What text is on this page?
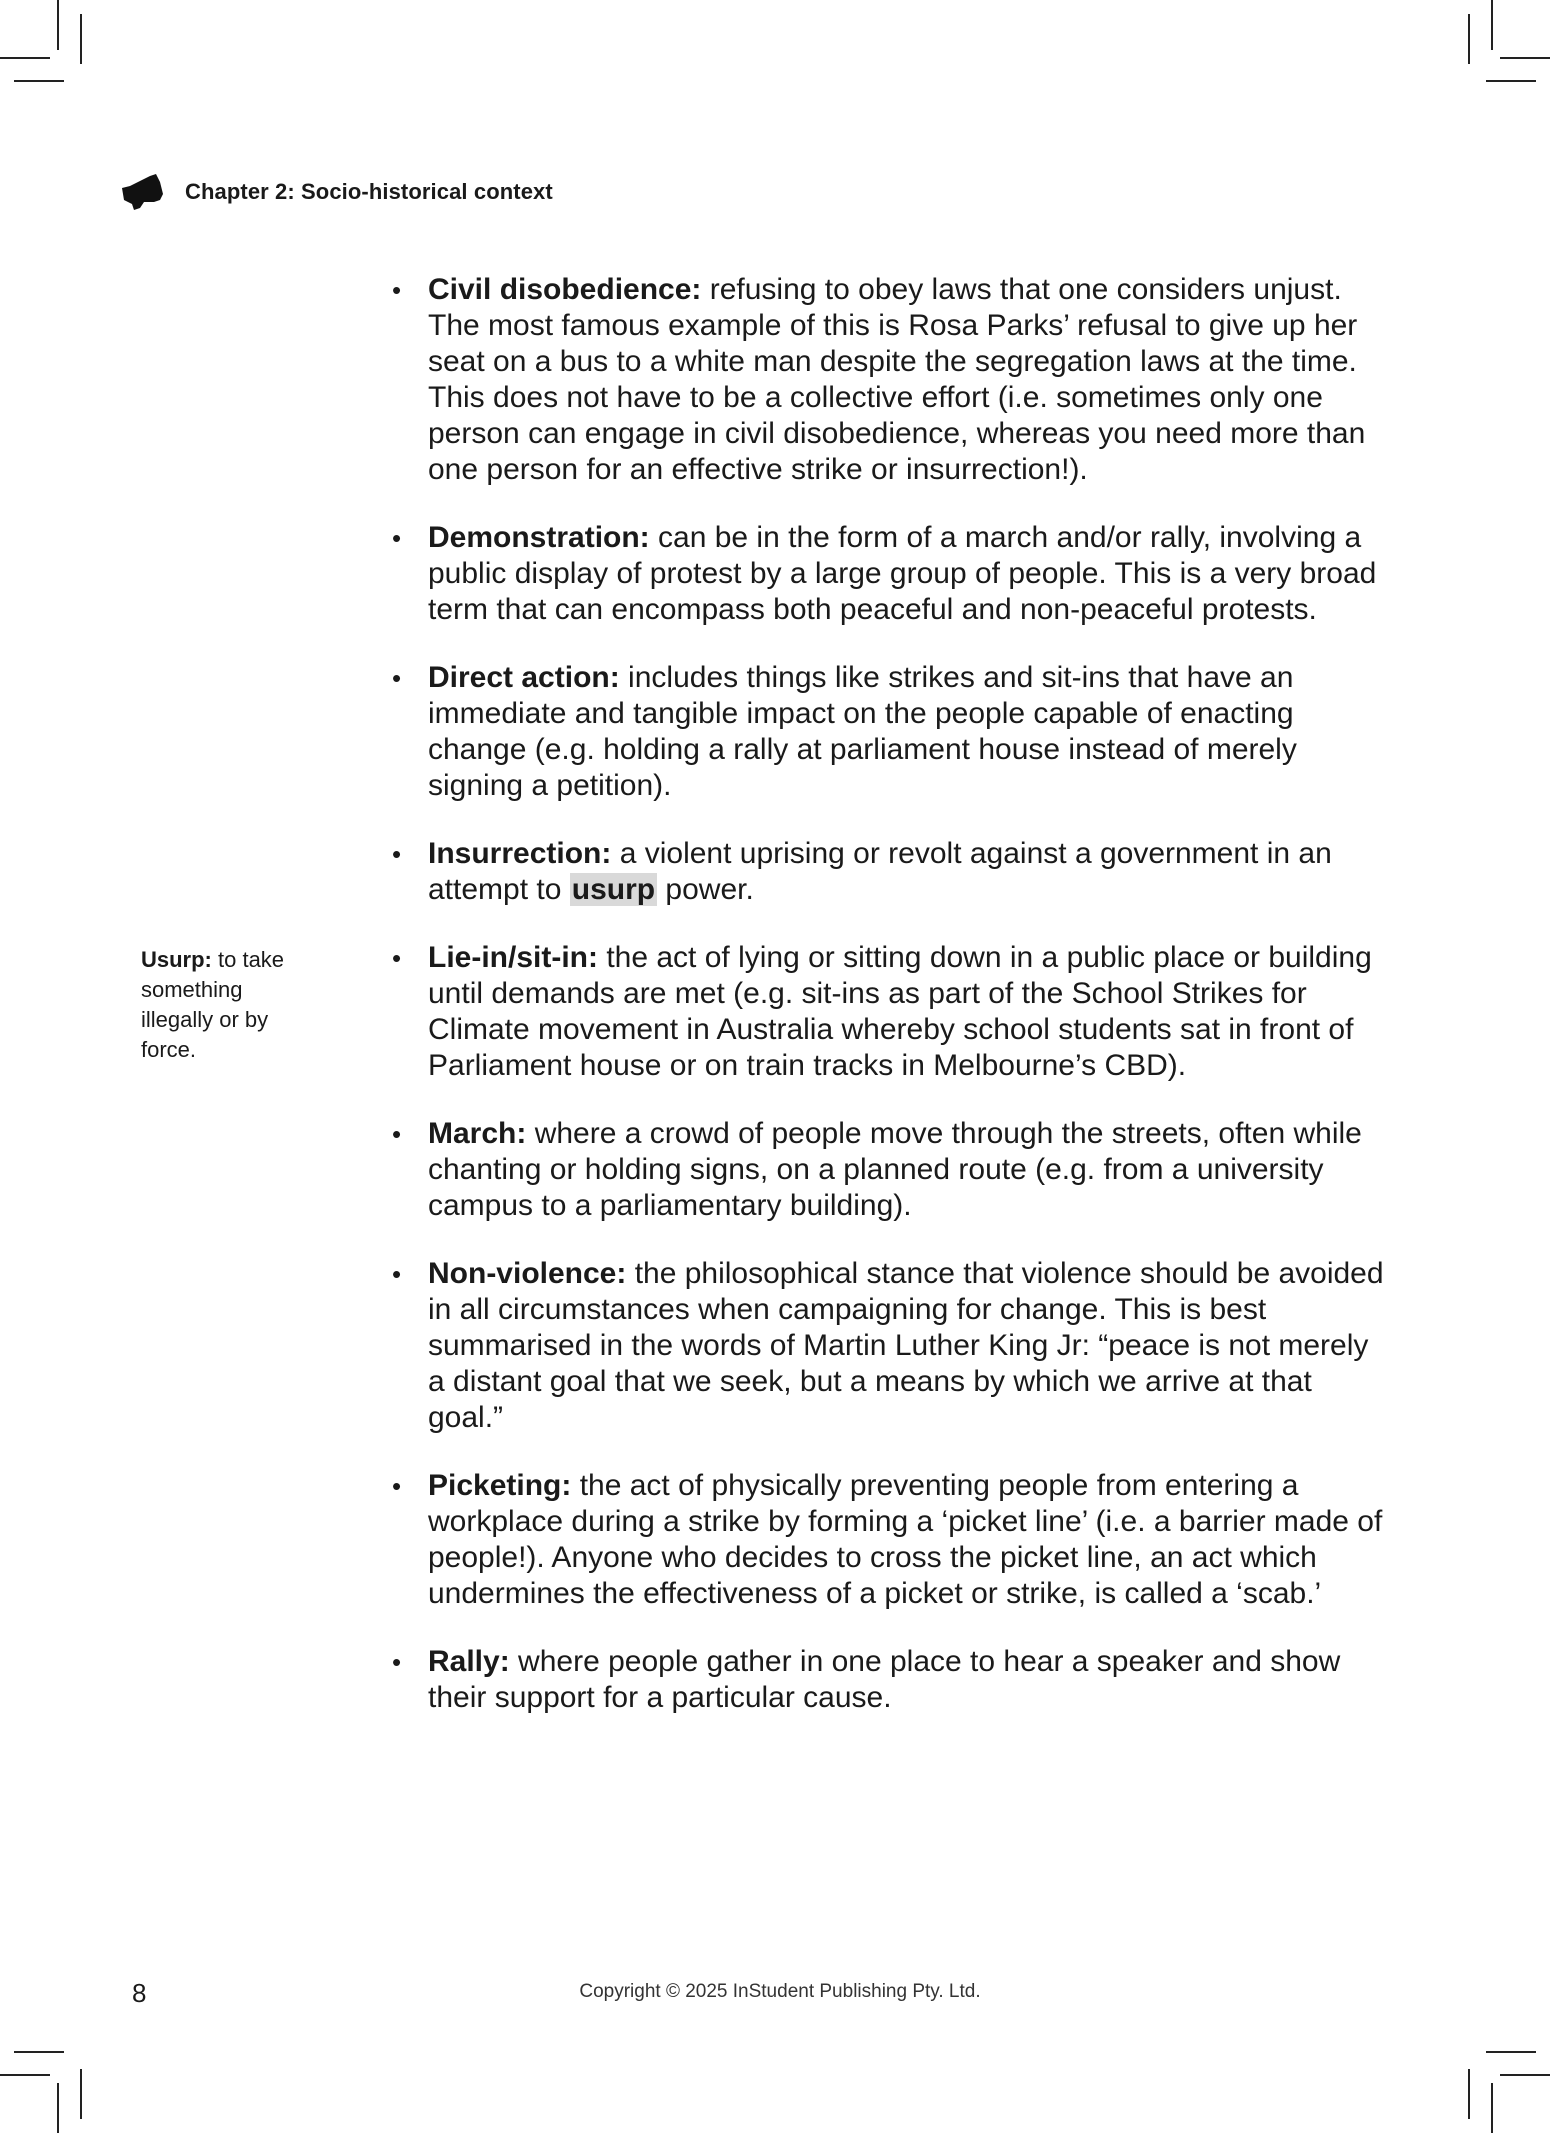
Chapter 2: Socio-historical context
Usurp: to take something illegally or by force.
• Civil disobedience: refusing to obey laws that one considers unjust. The most famous example of this is Rosa Parks’ refusal to give up her seat on a bus to a white man despite the segregation laws at the time. This does not have to be a collective effort (i.e. sometimes only one person can engage in civil disobedience, whereas you need more than one person for an effective strike or insurrection!).
• Demonstration: can be in the form of a march and/or rally, involving a public display of protest by a large group of people. This is a very broad term that can encompass both peaceful and non-peaceful protests.
• Direct action: includes things like strikes and sit-ins that have an immediate and tangible impact on the people capable of enacting change (e.g. holding a rally at parliament house instead of merely signing a petition).
• Insurrection: a violent uprising or revolt against a government in an attempt to usurp power.
• Lie-in/sit-in: the act of lying or sitting down in a public place or building until demands are met (e.g. sit-ins as part of the School Strikes for Climate movement in Australia whereby school students sat in front of Parliament house or on train tracks in Melbourne’s CBD).
• March: where a crowd of people move through the streets, often while chanting or holding signs, on a planned route (e.g. from a university campus to a parliamentary building).
• Non-violence: the philosophical stance that violence should be avoided in all circumstances when campaigning for change. This is best summarised in the words of Martin Luther King Jr: “peace is not merely a distant goal that we seek, but a means by which we arrive at that goal.”
• Picketing: the act of physically preventing people from entering a workplace during a strike by forming a ‘picket line’ (i.e. a barrier made of people!). Anyone who decides to cross the picket line, an act which undermines the effectiveness of a picket or strike, is called a ‘scab.’
• Rally: where people gather in one place to hear a speaker and show their support for a particular cause.
8	Copyright © 2025 InStudent Publishing Pty. Ltd.
